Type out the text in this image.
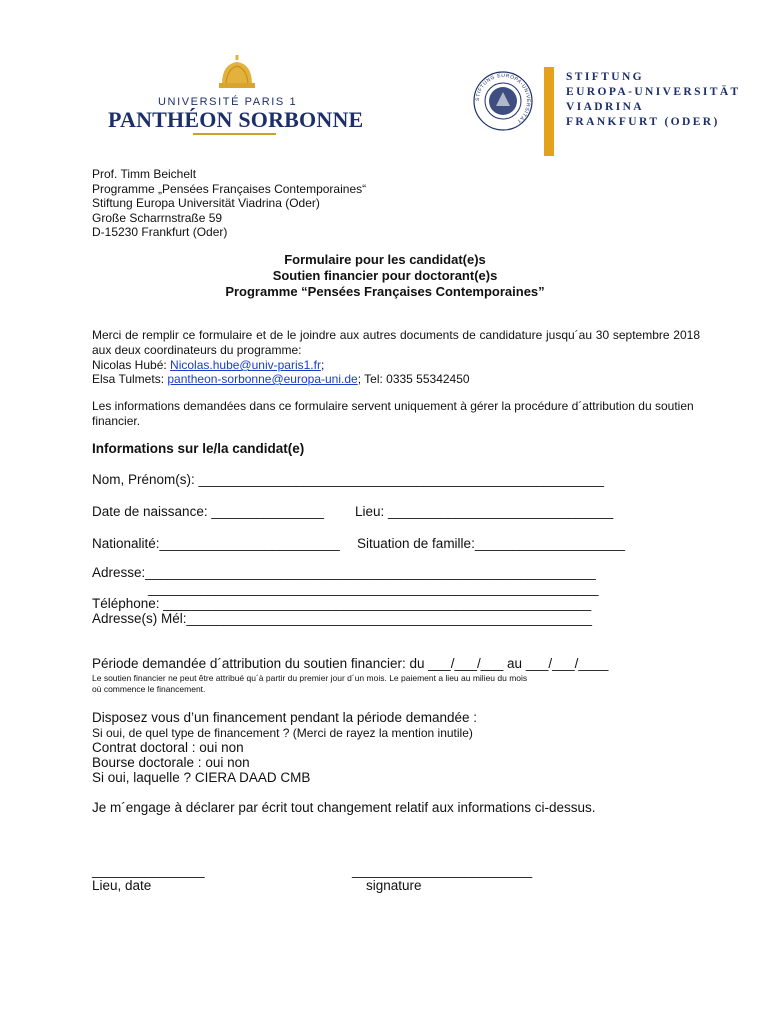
UNIVERSITÉ PARIS 1
PANTHÉON SORBONNE
STIFTUNG EUROPA-UNIVERSITÄT
STIFTUNG
EUROPA-UNIVERSITÄT
VIADRINA
FRANKFURT (ODER)
Prof. Timm Beichelt
Programme „Pensées Françaises Contemporaines“
Stiftung Europa Universität Viadrina (Oder)
Große Scharrnstraße 59
D-15230 Frankfurt (Oder)
Formulaire pour les candidat(e)s
Soutien financier pour doctorant(e)s
Programme “Pensées Françaises Contemporaines”
Merci de remplir ce formulaire et de le joindre aux autres documents de candidature jusqu´au 30 septembre 2018 aux deux coordinateurs du programme:
Nicolas Hubé: Nicolas.hube@univ-paris1.fr;
Elsa Tulmets: pantheon-sorbonne@europa-uni.de; Tel: 0335 55342450
Les informations demandées dans ce formulaire servent uniquement à gérer la procédure d´attribution du soutien financier.
Informations sur le/la candidat(e)
Nom, Prénom(s): ______________________________________________________
Date de naissance: _______________ Lieu: ______________________________
Nationalité:________________________ Situation de famille:____________________
Adresse:____________________________________________________________
____________________________________________________________
Téléphone: _________________________________________________________
Adresse(s) Mél:______________________________________________________
Période demandée d´attribution du soutien financier: du ___/___/___ au ___/___/____
Le soutien financier ne peut être attribué qu´à partir du premier jour d´un mois. Le paiement a lieu au milieu du mois
où commence le financement.
Disposez vous d’un financement pendant la période demandée :
Si oui, de quel type de financement ? (Merci de rayez la mention inutile)
Contrat doctoral : oui non
Bourse doctorale : oui non
Si oui, laquelle ? CIERA DAAD CMB
Je m´engage à déclarer par écrit tout changement relatif aux informations ci-dessus.
_______________	________________________
Lieu, date	signature
